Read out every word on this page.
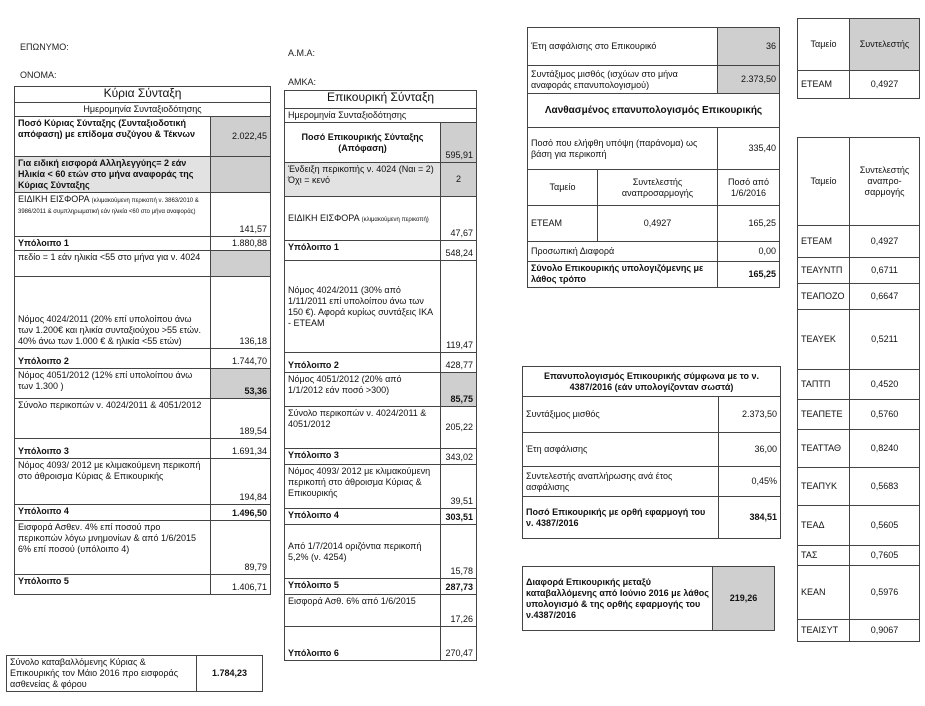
ΕΠΩΝΥΜΟ:
ΟΝΟΜΑ:
Α.Μ.Α:
ΑΜΚΑ:
Κύρια Σύνταξη	
Ημερομηνία Συνταξιοδότησης	
Ποσό Κύριας Σύνταξης (Συνταξιοδοτική απόφαση) με επίδομα συζύγου & Τέκνων	2.022,45
Για ειδική εισφορά Αλληλεγγύης= 2 εάν Ηλικία < 60 ετών στο μήνα αναφοράς της Κύριας Σύνταξης	
ΕΙΔΙΚΗ ΕΙΣΦΟΡΑ (κλιμακούμενη περικοπή ν. 3863/2010 & 3986/2011 & συμπληρωματική εάν ηλικία <60 στο μήνα αναφοράς)	141,57
Υπόλοιπο 1	1.880,88
πεδίο = 1 εάν ηλικία <55 στο μήνα για ν. 4024	
Νόμος 4024/2011 (20% επί υπολοίπου άνω των 1.200€ και ηλικία συνταξιούχου >55 ετών. 40% άνω των 1.000 € & ηλικία <55 ετών)	136,18
Υπόλοιπο 2	1.744,70
Νόμος 4051/2012 (12% επί υπολοίπου άνω των 1.300 )	53,36
Σύνολο περικοπών ν. 4024/2011 & 4051/2012	189,54
Υπόλοιπο 3	1.691,34
Νόμος 4093/ 2012 με κλιμακούμενη περικοπή στο άθροισμα Κύριας & Επικουρικής	194,84
Υπόλοιπο 4	1.496,50
Εισφορά Ασθεν. 4% επί ποσού προ περικοπών λόγω μνημονίων & από 1/6/2015 6% επί ποσού (υπόλοιπο 4)	89,79
Υπόλοιπο 5	1.406,71
Σύνολο καταβαλλόμενης Κύριας & Επικουρικής τον Μάιο 2016 προ εισφοράς ασθενείας & φόρου	1.784,23
Επικουρική Σύνταξη	
Ημερομηνία Συνταξιοδότησης	
Ποσό Επικουρικής Σύνταξης (Απόφαση)	595,91
Ένδειξη περικοπής ν. 4024 (Ναι = 2) Όχι = κενό	2
ΕΙΔΙΚΗ ΕΙΣΦΟΡΑ (κλιμακούμενη περικοπή)	47,67
Υπόλοιπο 1	548,24
Νόμος 4024/2011 (30% από 1/11/2011 επί υπολοίπου άνω των 150 €). Αφορά κυρίως συντάξεις ΙΚΑ - ΕΤΕΑΜ	119,47
Υπόλοιπο 2	428,77
Νόμος 4051/2012 (20% από 1/1/2012 εάν ποσό >300)	85,75
Σύνολο περικοπών ν. 4024/2011 & 4051/2012	205,22
Υπόλοιπο 3	343,02
Νόμος 4093/ 2012 με κλιμακούμενη περικοπή στο άθροισμα Κύριας & Επικουρικής	39,51
Υπόλοιπο 4	303,51
Από 1/7/2014 οριζόντια περικοπή 5,2% (ν. 4254)	15,78
Υπόλοιπο 5	287,73
Εισφορά Ασθ. 6% από 1/6/2015	17,26
Υπόλοιπο 6	270,47
Έτη ασφάλισης στο Επικουρικό		36
Συντάξιμος μισθός (ισχύων στο μήνα αναφοράς επανυπολογισμού)		2.373,50
Λανθασμένος επανυπολογισμός Επικουρικής		
Ποσό που ελήφθη υπόψη (παράνομα) ως βάση για περικοπή		335,40
Ταμείο	Συντελεστής αναπροσαρμογής	Ποσό από 1/6/2016
ΕΤΕΑΜ	0,4927	165,25
Προσωπική Διαφορά		0,00
Σύνολο Επικουρικής υπολογιζόμενης με λάθος τρόπο		165,25
Επανυπολογισμός Επικουρικής σύμφωνα με το ν. 4387/2016 (εάν υπολογίζονταν σωστά)	
Συντάξιμος μισθός	2.373,50
Έτη ασφάλισης	36,00
Συντελεστής αναπλήρωσης ανά έτος ασφάλισης	0,45%
Ποσό Επικουρικής με ορθή εφαρμογή του ν. 4387/2016	384,51
Διαφορά Επικουρικής μεταξύ καταβαλλόμενης από Ιούνιο 2016 με λάθος υπολογισμό & της ορθής εφαρμογής του ν.4387/2016	219,26
Ταμείο	Συντελεστής
ΕΤΕΑΜ	0,4927
Ταμείο	Συντελεστής αναπρο-σαρμογής
ΕΤΕΑΜ	0,4927
ΤΕΑΥΝΤΠ	0,6711
ΤΕΑΠΟΖΟ	0,6647
ΤΕΑΥΕΚ	0,5211
ΤΑΠΤΠ	0,4520
ΤΕΑΠΕΤΕ	0,5760
ΤΕΑΤΤΑΘ	0,8240
ΤΕΑΠΥΚ	0,5683
ΤΕΑΔ	0,5605
ΤΑΣ	0,7605
ΚΕΑΝ	0,5976
ΤΕΑΙΣΥΤ	0,9067
